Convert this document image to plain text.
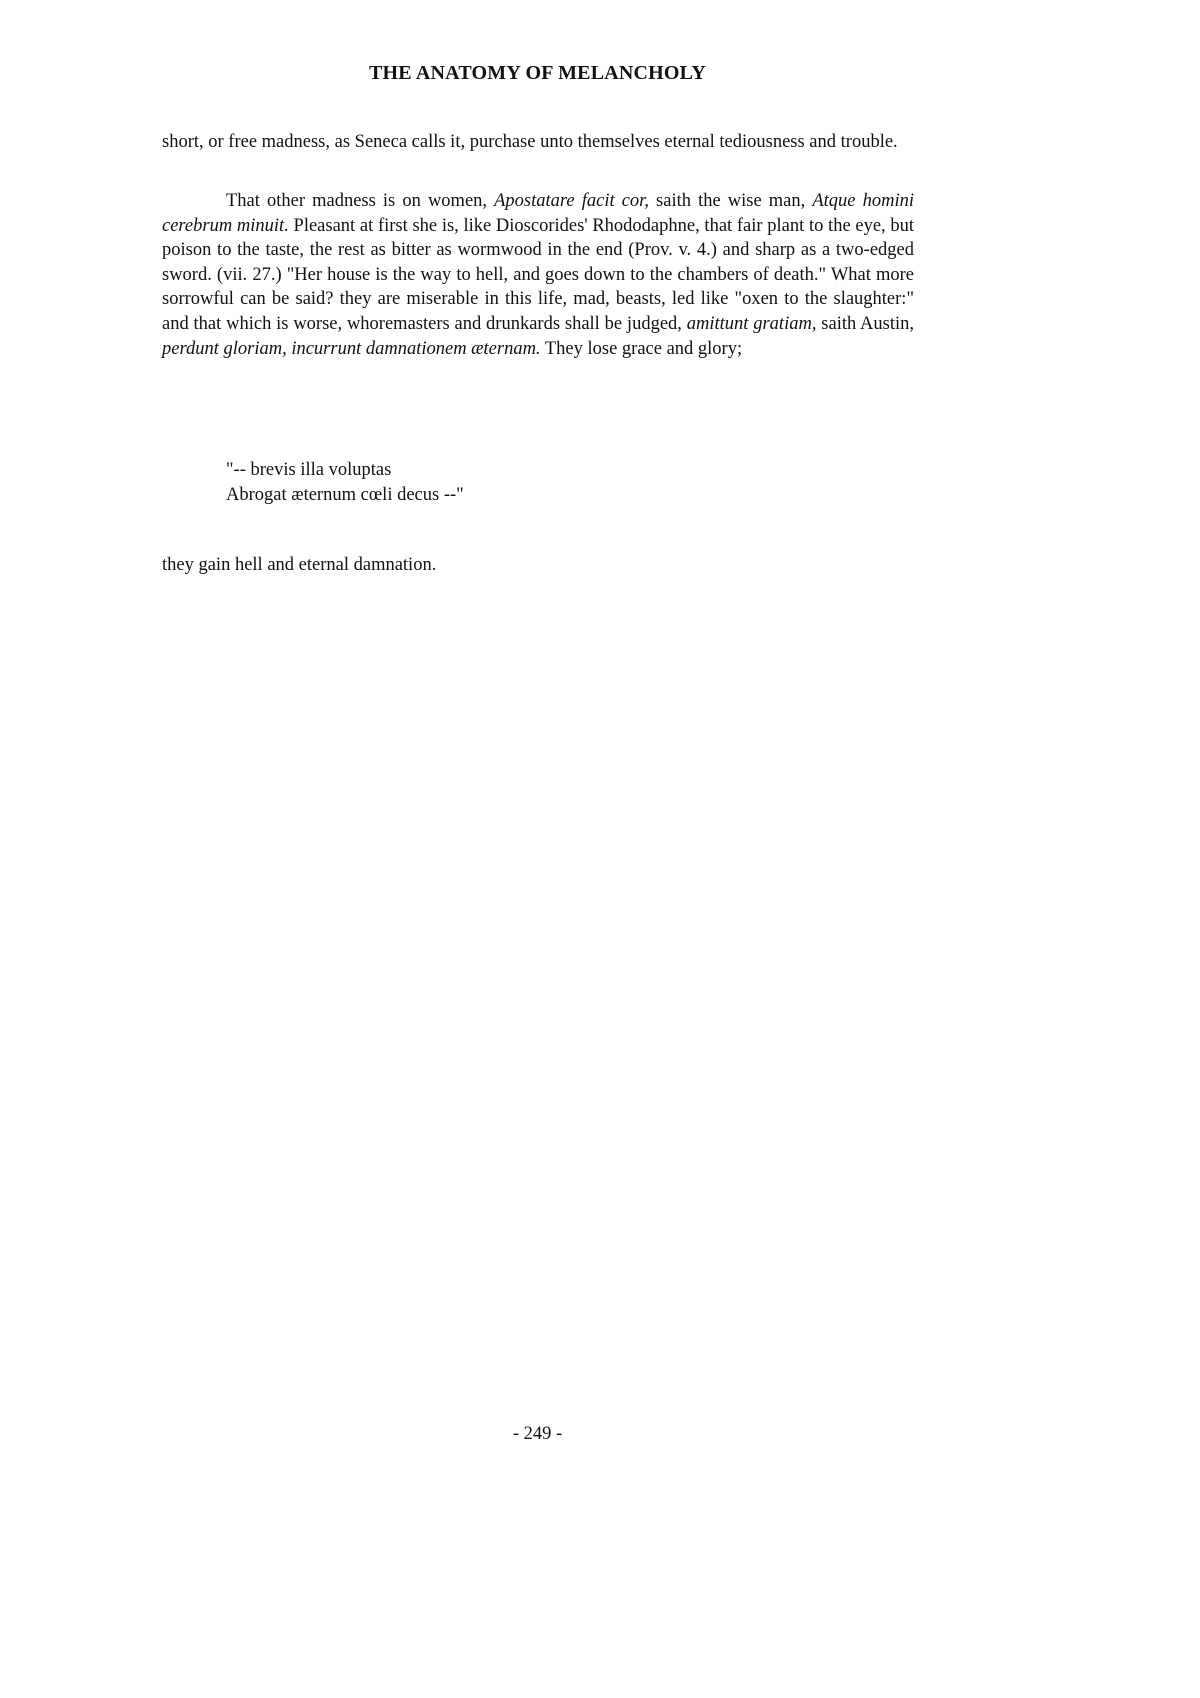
THE ANATOMY OF MELANCHOLY
short, or free madness, as Seneca calls it, purchase unto themselves eternal tediousness and trouble.
That other madness is on women, Apostatare facit cor, saith the wise man, Atque homini cerebrum minuit. Pleasant at first she is, like Dioscorides' Rhododaphne, that fair plant to the eye, but poison to the taste, the rest as bitter as wormwood in the end (Prov. v. 4.) and sharp as a two-edged sword. (vii. 27.) "Her house is the way to hell, and goes down to the chambers of death." What more sorrowful can be said? they are miserable in this life, mad, beasts, led like "oxen to the slaughter:" and that which is worse, whoremasters and drunkards shall be judged, amittunt gratiam, saith Austin, perdunt gloriam, incurrunt damnationem æternam. They lose grace and glory;
"-- brevis illa voluptas
Abrogat æternum cœli decus --"
they gain hell and eternal damnation.
- 249 -
